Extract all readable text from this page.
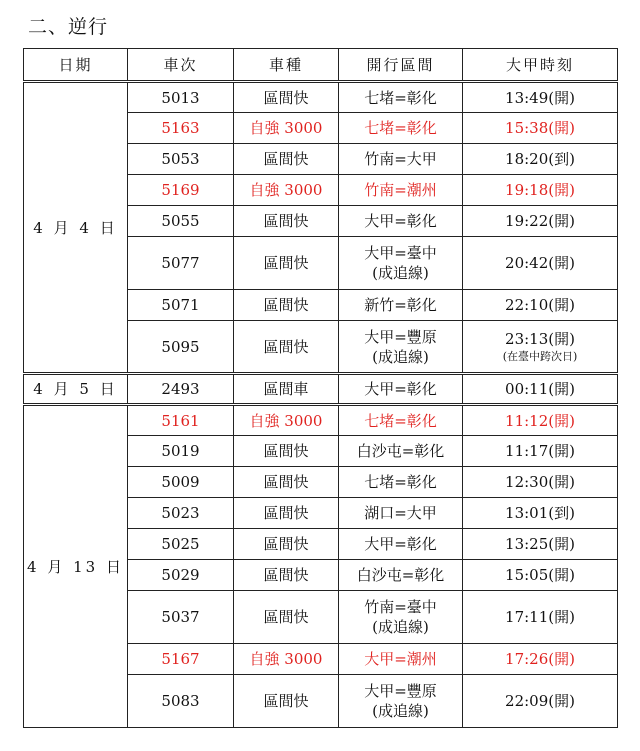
二、逆行
日期	車次	車種	開行區間	大甲時刻
4 月 4 日	5013	區間快	七堵=彰化	13:49(開)
	5163	自強 3000	七堵=彰化	15:38(開)
	5053	區間快	竹南=大甲	18:20(到)
	5169	自強 3000	竹南=潮州	19:18(開)
	5055	區間快	大甲=彰化	19:22(開)
	5077	區間快	大甲=臺中
(成追線)	20:42(開)
	5071	區間快	新竹=彰化	22:10(開)
	5095	區間快	大甲=豐原
(成追線)	23:13(開)
(在臺中跨次日)

4 月 5 日	2493	區間車	大甲=彰化	00:11(開)
4 月 13 日	5161	自強 3000	七堵=彰化	11:12(開)
	5019	區間快	白沙屯=彰化	11:17(開)
	5009	區間快	七堵=彰化	12:30(開)
	5023	區間快	湖口=大甲	13:01(到)
	5025	區間快	大甲=彰化	13:25(開)
	5029	區間快	白沙屯=彰化	15:05(開)
	5037	區間快	竹南=臺中
(成追線)	17:11(開)
	5167	自強 3000	大甲=潮州	17:26(開)
	5083	區間快	大甲=豐原
(成追線)	22:09(開)
